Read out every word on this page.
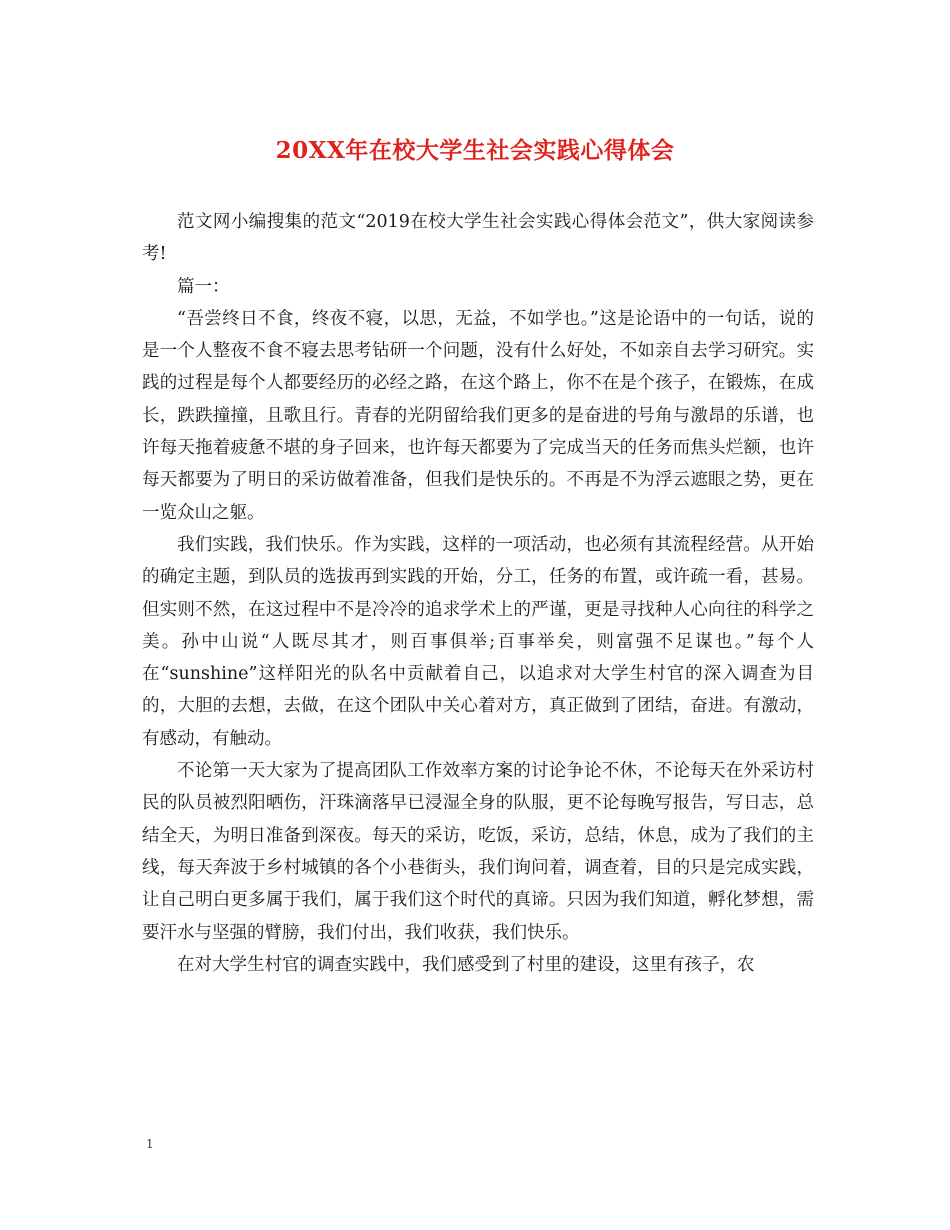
20XX年在校大学生社会实践心得体会

范文网小编搜集的范文“2019在校大学生社会实践心得体会范文”，供大家阅读参考!

篇一：

“吾尝终日不食，终夜不寝，以思，无益，不如学也。”这是论语中的一句话，说的是一个人整夜不食不寝去思考钻研一个问题，没有什么好处，不如亲自去学习研究。实践的过程是每个人都要经历的必经之路，在这个路上，你不在是个孩子，在锻炼，在成长，跌跌撞撞，且歌且行。青春的光阴留给我们更多的是奋进的号角与激昂的乐谱，也许每天拖着疲惫不堪的身子回来，也许每天都要为了完成当天的任务而焦头烂额，也许每天都要为了明日的采访做着准备，但我们是快乐的。不再是不为浮云遮眼之势，更在一览众山之躯。

我们实践，我们快乐。作为实践，这样的一项活动，也必须有其流程经营。从开始的确定主题，到队员的选拔再到实践的开始，分工，任务的布置，或许疏一看，甚易。但实则不然，在这过程中不是冷冷的追求学术上的严谨，更是寻找种人心向往的科学之美。孙中山说“人既尽其才，则百事俱举;百事举矣，则富强不足谋也。”每个人在“sunshine”这样阳光的队名中贡献着自己，以追求对大学生村官的深入调查为目的，大胆的去想，去做，在这个团队中关心着对方，真正做到了团结，奋进。有激动，有感动，有触动。

不论第一天大家为了提高团队工作效率方案的讨论争论不休，不论每天在外采访村民的队员被烈阳晒伤，汗珠滴落早已浸湿全身的队服，更不论每晚写报告，写日志，总结全天，为明日准备到深夜。每天的采访，吃饭，采访，总结，休息，成为了我们的主线，每天奔波于乡村城镇的各个小巷街头，我们询问着，调查着，目的只是完成实践，让自己明白更多属于我们，属于我们这个时代的真谛。只因为我们知道，孵化梦想，需要汗水与坚强的臂膀，我们付出，我们收获，我们快乐。

在对大学生村官的调查实践中，我们感受到了村里的建设，这里有孩子，农

1
